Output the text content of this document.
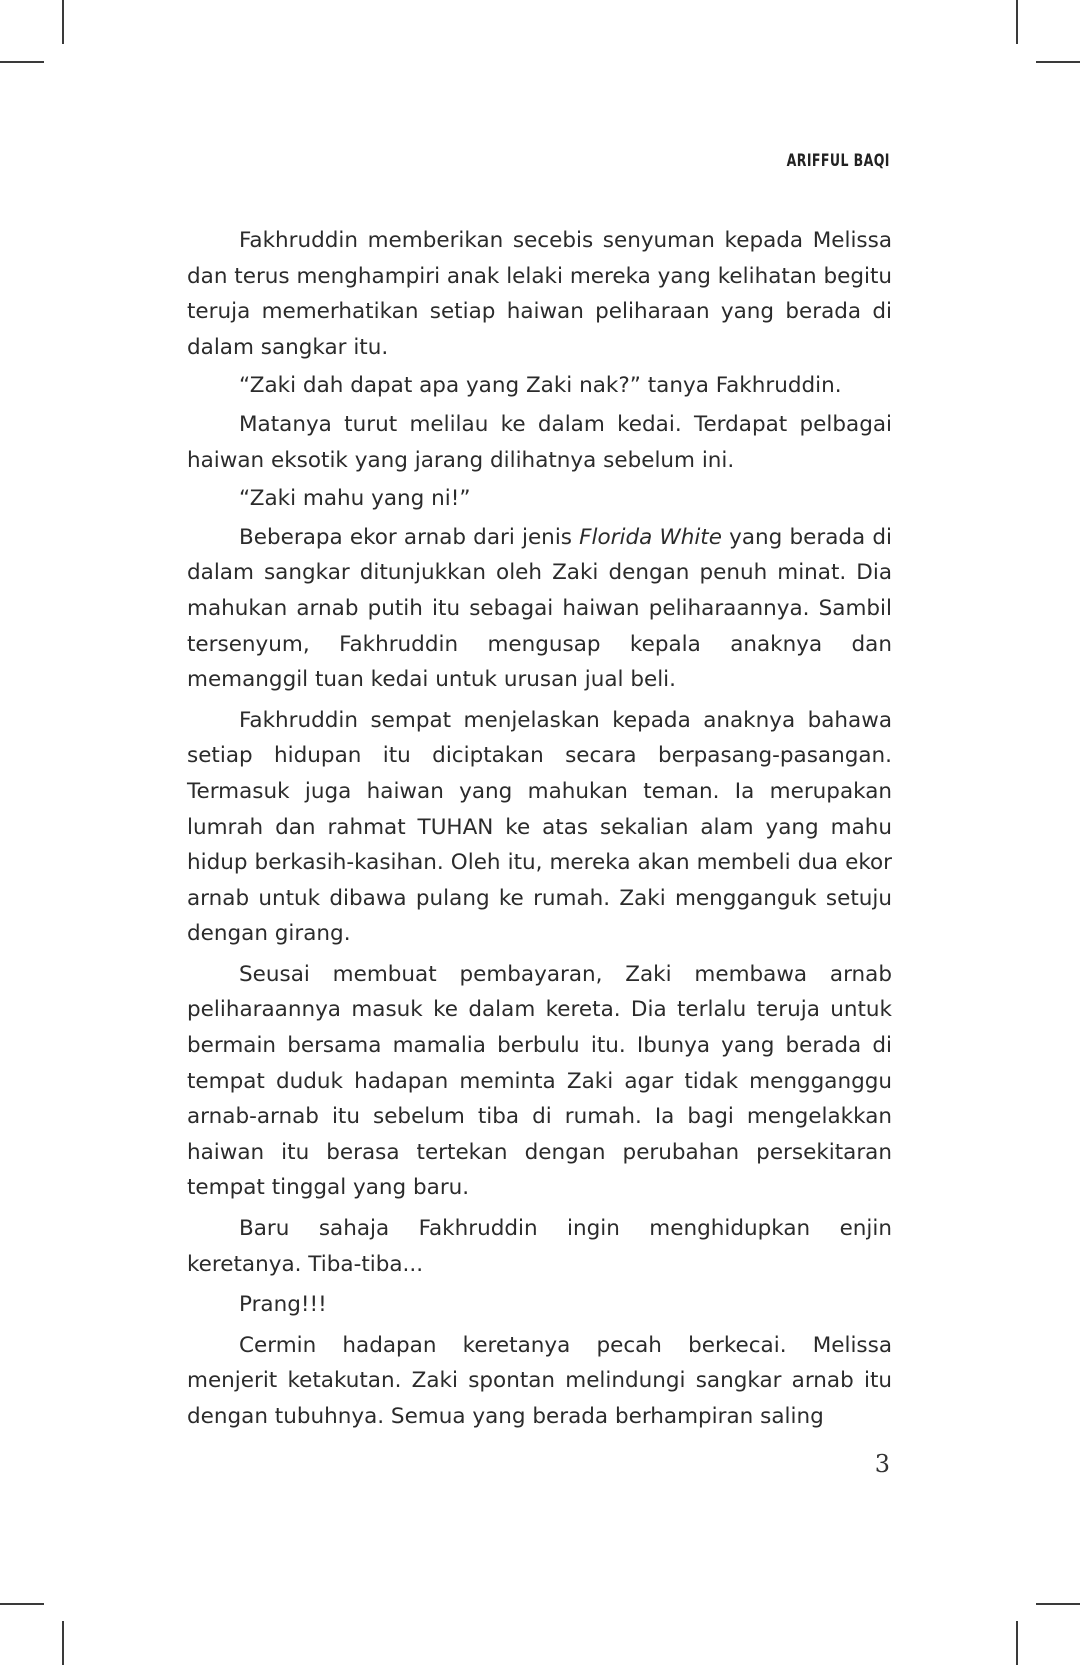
ARIFFUL BAQI

Fakhruddin memberikan secebis senyuman kepada Melissa dan terus menghampiri anak lelaki mereka yang kelihatan begitu teruja memerhatikan setiap haiwan peliharaan yang berada di dalam sangkar itu.

“Zaki dah dapat apa yang Zaki nak?” tanya Fakhruddin.

Matanya turut melilau ke dalam kedai. Terdapat pelbagai haiwan eksotik yang jarang dilihatnya sebelum ini.

“Zaki mahu yang ni!”

Beberapa ekor arnab dari jenis Florida White yang berada di dalam sangkar ditunjukkan oleh Zaki dengan penuh minat. Dia mahukan arnab putih itu sebagai haiwan peliharaannya. Sambil tersenyum, Fakhruddin mengusap kepala anaknya dan memanggil tuan kedai untuk urusan jual beli.

Fakhruddin sempat menjelaskan kepada anaknya bahawa setiap hidupan itu diciptakan secara berpasang-pasangan. Termasuk juga haiwan yang mahukan teman. Ia merupakan lumrah dan rahmat TUHAN ke atas sekalian alam yang mahu hidup berkasih-kasihan. Oleh itu, mereka akan membeli dua ekor arnab untuk dibawa pulang ke rumah. Zaki mengganguk setuju dengan girang.

Seusai membuat pembayaran, Zaki membawa arnab peliharaannya masuk ke dalam kereta. Dia terlalu teruja untuk bermain bersama mamalia berbulu itu. Ibunya yang berada di tempat duduk hadapan meminta Zaki agar tidak mengganggu arnab-arnab itu sebelum tiba di rumah. Ia bagi mengelakkan haiwan itu berasa tertekan dengan perubahan persekitaran tempat tinggal yang baru.

Baru sahaja Fakhruddin ingin menghidupkan enjin keretanya. Tiba-tiba...

Prang!!!

Cermin hadapan keretanya pecah berkecai. Melissa menjerit ketakutan. Zaki spontan melindungi sangkar arnab itu dengan tubuhnya. Semua yang berada berhampiran saling

3
